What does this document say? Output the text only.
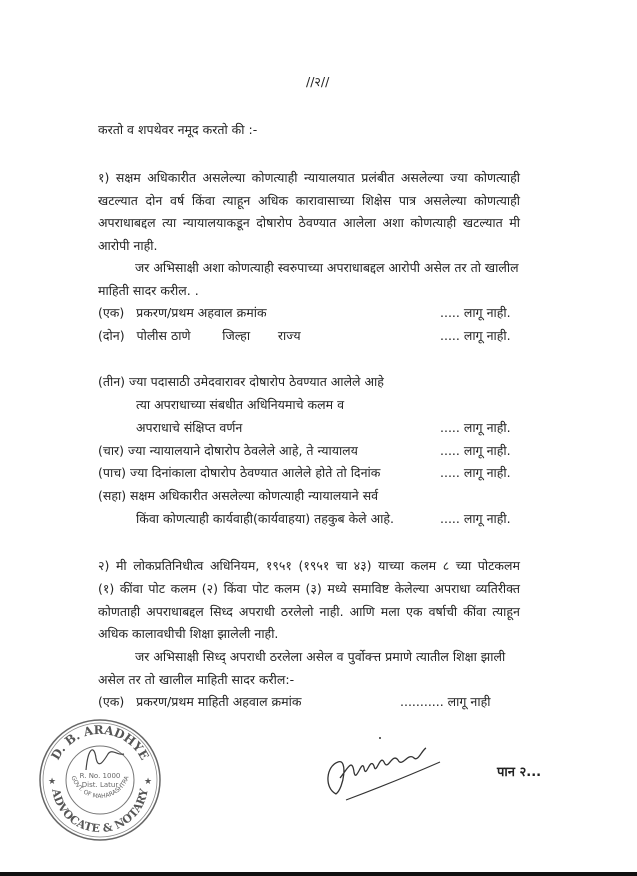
//२//
करतो व शपथेवर नमूद करतो की :-
१) सक्षम अधिकारीत असलेल्या कोणत्याही न्यायालयात प्रलंबीत असलेल्या ज्या कोणत्याही
खटल्यात दोन वर्ष किंवा त्याहून अधिक कारावासाच्या शिक्षेस पात्र असलेल्या कोणत्याही
अपराधाबद्दल त्या न्यायालयाकडून दोषारोप ठेवण्यात आलेला अशा कोणत्याही खटल्यात मी
आरोपी नाही.
जर अभिसाक्षी अशा कोणत्याही स्वरुपाच्या अपराधाबद्दल आरोपी असेल तर तो खालील
माहिती सादर करील. .
(एक)   प्रकरण/प्रथम अहवाल क्रमांक	..... लागू नाही.
(दोन)   पोलीस ठाणे        जिल्हा       राज्य	..... लागू नाही.
(तीन) ज्या पदासाठी उमेदवारावर दोषारोप ठेवण्यात आलेले आहे
त्या अपराधाच्या संबधीत अधिनियमाचे कलम व
अपराधाचे संक्षिप्त वर्णन	..... लागू नाही.
(चार) ज्या न्यायालयाने दोषारोप ठेवलेले आहे, ते न्यायालय	..... लागू नाही.
(पाच) ज्या दिनांकाला दोषारोप ठेवण्यात आलेले होते तो दिनांक	..... लागू नाही.
(सहा) सक्षम अधिकारीत असलेल्या कोणत्याही न्यायालयाने सर्व
किंवा कोणत्याही कार्यवाही(कार्यवाहया) तहकुब केले आहे.	..... लागू नाही.
२) मी लोकप्रतिनिधीत्व अधिनियम, १९५१ (१९५१ चा ४३) याच्या कलम ८ च्या पोटकलम
(१) कींवा पोट कलम (२) किंवा पोट कलम (३) मध्ये समाविष्ट केलेल्या अपराधा व्यतिरीक्त
कोणताही अपराधाबद्दल सिध्द अपराधी ठरलेलो नाही. आणि मला एक वर्षाची कींवा त्याहून
अधिक कालावधीची शिक्षा झालेली नाही.
जर अभिसाक्षी सिध्द् अपराधी ठरलेला असेल व पुर्वोक्त्त प्रमाणे त्यातील शिक्षा झाली
असेल तर तो खालील माहिती सादर करील:-
(एक)   प्रकरण/प्रथम माहिती अहवाल क्रमांक	........... लागू नाही
D. B. ARADHYE
ADVOCATE & NOTARY
GOVT. OF MAHARASHTRA
R. No. 1000
Dist. Latur
★	★
पान २...
